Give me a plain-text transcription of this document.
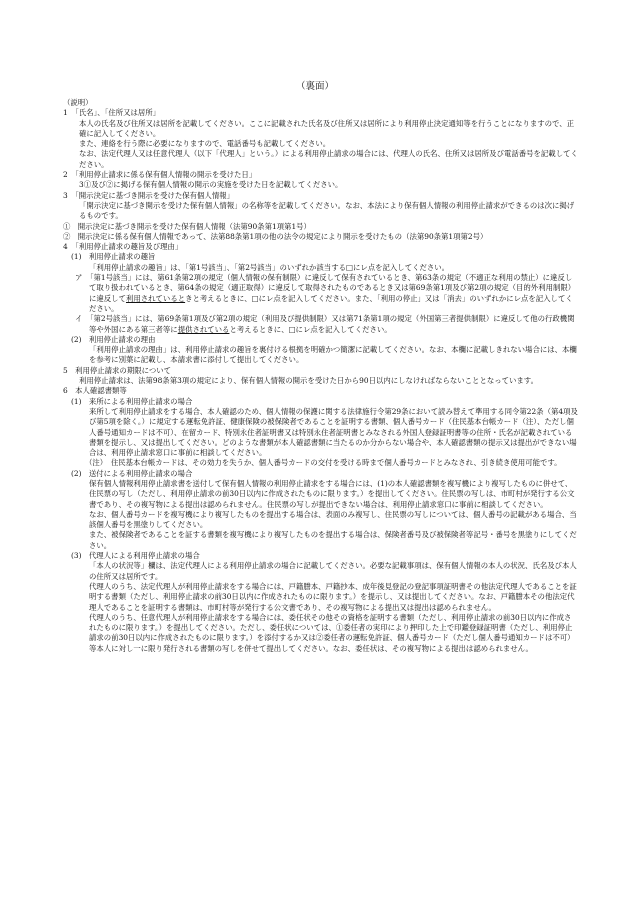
（裏面）

（説明）

1　「氏名」、「住所又は居所」

本人の氏名及び住所又は居所を記載してください。ここに記載された氏名及び住所又は居所により利用停止決定通知等を行うことになりますので、正確に記入してください。

また、連絡を行う際に必要になりますので、電話番号も記載してください。

なお、法定代理人又は任意代理人（以下「代理人」という。）による利用停止請求の場合には、代理人の氏名、住所又は居所及び電話番号を記載してください。

2　「利用停止請求に係る保有個人情報の開示を受けた日」

3①及び②に掲げる保有個人情報の開示の実施を受けた日を記載してください。

3　「開示決定に基づき開示を受けた保有個人情報」

「開示決定に基づき開示を受けた保有個人情報」の名称等を記載してください。なお、本法により保有個人情報の利用停止請求ができるのは次に掲げるものです。

①　開示決定に基づき開示を受けた保有個人情報（法第90条第1項第1号）

②　開示決定に係る保有個人情報であって、法第88条第1項の他の法令の規定により開示を受けたもの（法第90条第1項第2号）

4　「利用停止請求の趣旨及び理由」

(1)　利用停止請求の趣旨

「利用停止請求の趣旨」は、「第1号該当」、「第2号該当」のいずれか該当する□にレ点を記入してください。

ア　「第1号該当」には、第61条第2項の規定（個人情報の保有制限）に違反して保有されているとき、第63条の規定（不適正な利用の禁止）に違反して取り扱われているとき、第64条の規定（適正取得）に違反して取得されたものであるとき又は第69条第1項及び第2項の規定（目的外利用制限）に違反して利用されているときと考えるときに、□にレ点を記入してください。また、「利用の停止」又は「消去」のいずれかにレ点を記入してください。

イ　「第2号該当」には、第69条第1項及び第2項の規定（利用及び提供制限）又は第71条第1項の規定（外国第三者提供制限）に違反して他の行政機関等や外国にある第三者等に提供されていると考えるときに、□にレ点を記入してください。

(2)　利用停止請求の理由

「利用停止請求の理由」は、利用停止請求の趣旨を裏付ける根拠を明確かつ簡潔に記載してください。なお、本欄に記載しきれない場合には、本欄を参考に別葉に記載し、本請求書に添付して提出してください。

5　利用停止請求の期限について

利用停止請求は、法第98条第3項の規定により、保有個人情報の開示を受けた日から90日以内にしなければならないこととなっています。

6　本人確認書類等

(1)　来所による利用停止請求の場合

来所して利用停止請求をする場合、本人確認のため、個人情報の保護に関する法律施行令第29条において読み替えて準用する同令第22条（第4項及び第5項を除く。）に規定する運転免許証、健康保険の被保険者であることを証明する書類、個人番号カード（住民基本台帳カード（注）、ただし個人番号通知カードは不可）、在留カード、特別永住者証明書又は特別永住者証明書とみなされる外国人登録証明書等の住所・氏名が記載されている書類を提示し、又は提出してください。どのような書類が本人確認書類に当たるのか分からない場合や、本人確認書類の提示又は提出ができない場合は、利用停止請求窓口に事前に相談してください。

（注）　住民基本台帳カードは、その効力を失うか、個人番号カードの交付を受ける時まで個人番号カードとみなされ、引き続き使用可能です。

(2)　送付による利用停止請求の場合

保有個人情報利用停止請求書を送付して保有個人情報の利用停止請求をする場合には、(1)の本人確認書類を複写機により複写したものに併せて、住民票の写し（ただし、利用停止請求の前30日以内に作成されたものに限ります。）を提出してください。住民票の写しは、市町村が発行する公文書であり、その複写物による提出は認められません。住民票の写しが提出できない場合は、利用停止請求窓口に事前に相談してください。

なお、個人番号カードを複写機により複写したものを提出する場合は、表面のみ複写し、住民票の写しについては、個人番号の記載がある場合、当該個人番号を黒塗りしてください。

また、被保険者であることを証する書類を複写機により複写したものを提出する場合は、保険者番号及び被保険者等記号・番号を黒塗りにしてください。

(3)　代理人による利用停止請求の場合

「本人の状況等」欄は、法定代理人による利用停止請求の場合に記載してください。必要な記載事項は、保有個人情報の本人の状況、氏名及び本人の住所又は居所です。

代理人のうち、法定代理人が利用停止請求をする場合には、戸籍謄本、戸籍抄本、成年後見登記の登記事項証明書その他法定代理人であることを証明する書類（ただし、利用停止請求の前30日以内に作成されたものに限ります。）を提示し、又は提出してください。なお、戸籍謄本その他法定代理人であることを証明する書類は、市町村等が発行する公文書であり、その複写物による提出又は提出は認められません。

代理人のうち、任意代理人が利用停止請求をする場合には、委任状その他その資格を証明する書類（ただし、利用停止請求の前30日以内に作成されたものに限ります。）を提出してください。ただし、委任状については、①委任者の実印により押印した上で印鑑登録証明書（ただし、利用停止請求の前30日以内に作成されたものに限ります。）を添付するか又は②委任者の運転免許証、個人番号カード（ただし個人番号通知カードは不可）等本人に対し一に限り発行される書類の写しを併せて提出してください。なお、委任状は、その複写物による提出は認められません。
